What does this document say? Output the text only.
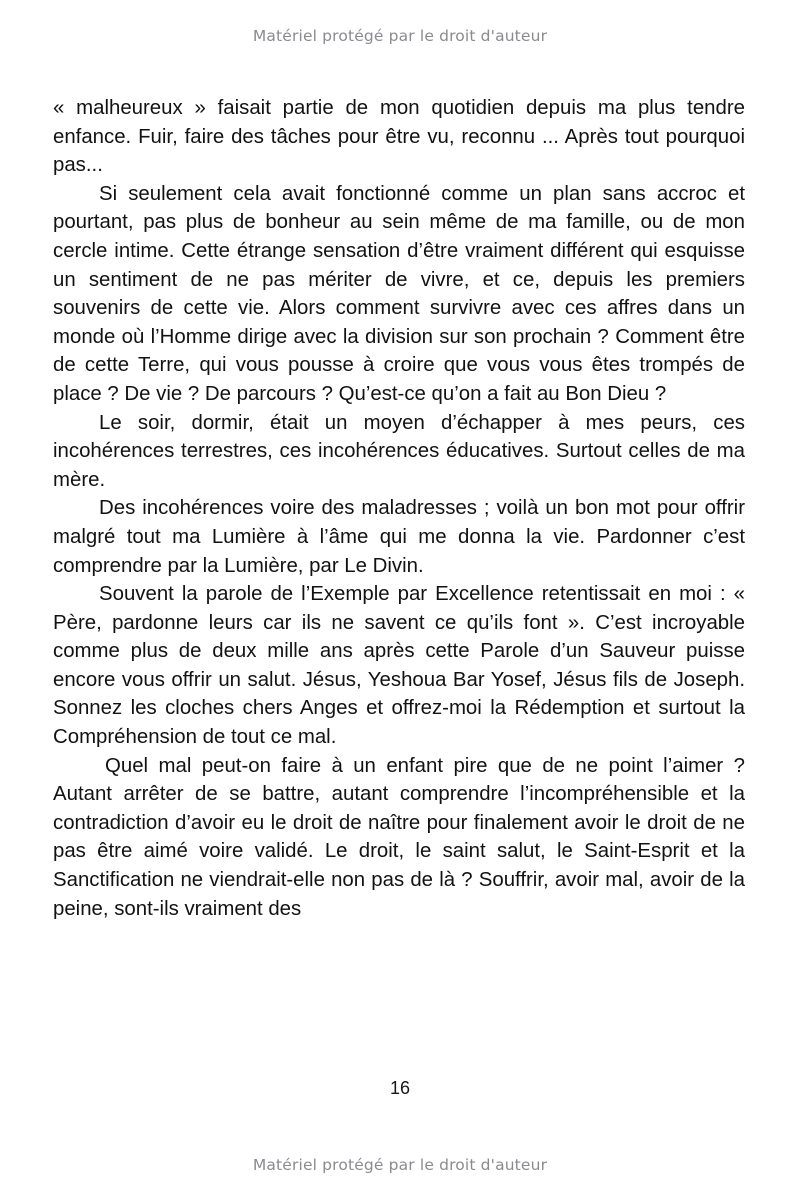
Matériel protégé par le droit d'auteur

« malheureux » faisait partie de mon quotidien depuis ma plus tendre enfance. Fuir, faire des tâches pour être vu, reconnu ... Après tout pourquoi pas...

Si seulement cela avait fonctionné comme un plan sans accroc et pourtant, pas plus de bonheur au sein même de ma famille, ou de mon cercle intime. Cette étrange sensation d’être vraiment différent qui esquisse un sentiment de ne pas mériter de vivre, et ce, depuis les premiers souvenirs de cette vie. Alors comment survivre avec ces affres dans un monde où l’Homme dirige avec la division sur son prochain ? Comment être de cette Terre, qui vous pousse à croire que vous vous êtes trompés de place ? De vie ? De parcours ? Qu’est-ce qu’on a fait au Bon Dieu ?

Le soir, dormir, était un moyen d’échapper à mes peurs, ces incohérences terrestres, ces incohérences éducatives. Surtout celles de ma mère.

Des incohérences voire des maladresses ; voilà un bon mot pour offrir malgré tout ma Lumière à l’âme qui me donna la vie. Pardonner c’est comprendre par la Lumière, par Le Divin.

Souvent la parole de l’Exemple par Excellence retentissait en moi : « Père, pardonne leurs car ils ne savent ce qu’ils font ». C’est incroyable comme plus de deux mille ans après cette Parole d’un Sauveur puisse encore vous offrir un salut. Jésus, Yeshoua Bar Yosef, Jésus fils de Joseph. Sonnez les cloches chers Anges et offrez-moi la Rédemption et surtout la Compréhension de tout ce mal.

Quel mal peut-on faire à un enfant pire que de ne point l’aimer ? Autant arrêter de se battre, autant comprendre l’incompréhensible et la contradiction d’avoir eu le droit de naître pour finalement avoir le droit de ne pas être aimé voire validé. Le droit, le saint salut, le Saint-Esprit et la Sanctification ne viendrait-elle non pas de là ? Souffrir, avoir mal, avoir de la peine, sont-ils vraiment des

16
Matériel protégé par le droit d'auteur
